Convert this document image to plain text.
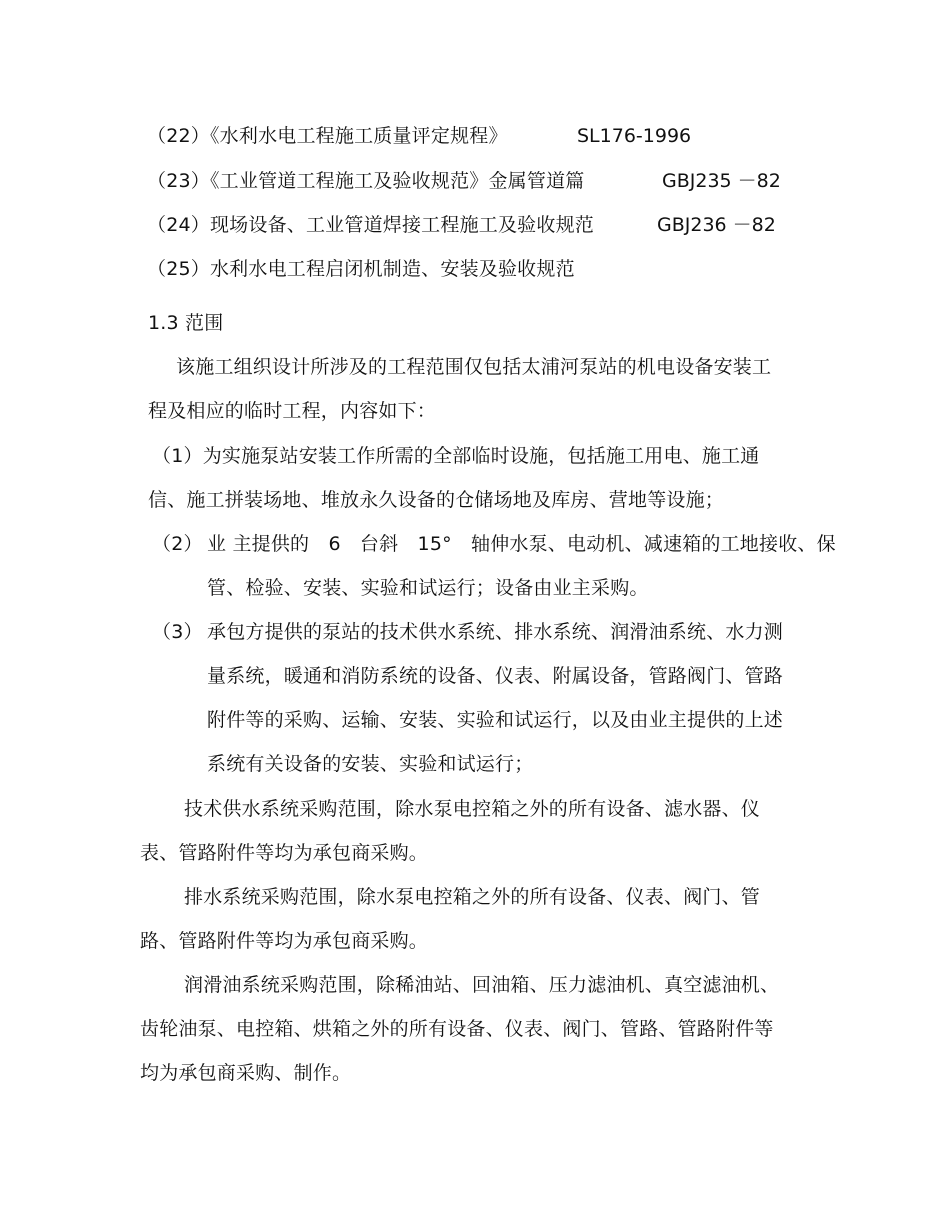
（22）《水利水电工程施工质量评定规程》	SL176-1996
（23）《工业管道工程施工及验收规范》金属管道篇	GBJ235 －82
（24）现场设备、工业管道焊接工程施工及验收规范	GBJ236 －82
（25）水利水电工程启闭机制造、安装及验收规范
1.3 范围
该施工组织设计所涉及的工程范围仅包括太浦河泵站的机电设备安装工
程及相应的临时工程，内容如下：
（1）为实施泵站安装工作所需的全部临时设施，包括施工用电、施工通
信、施工拼装场地、堆放永久设备的仓储场地及库房、营地等设施；
（2） 业 主提供的　6　台斜　15°　轴伸水泵、电动机、减速箱的工地接收、保
管、检验、安装、实验和试运行；设备由业主采购。
（3） 承包方提供的泵站的技术供水系统、排水系统、润滑油系统、水力测
量系统，暖通和消防系统的设备、仪表、附属设备，管路阀门、管路
附件等的采购、运输、安装、实验和试运行，以及由业主提供的上述
系统有关设备的安装、实验和试运行；
技术供水系统采购范围，除水泵电控箱之外的所有设备、滤水器、仪
表、管路附件等均为承包商采购。
排水系统采购范围，除水泵电控箱之外的所有设备、仪表、阀门、管
路、管路附件等均为承包商采购。
润滑油系统采购范围，除稀油站、回油箱、压力滤油机、真空滤油机、
齿轮油泵、电控箱、烘箱之外的所有设备、仪表、阀门、管路、管路附件等
均为承包商采购、制作。
